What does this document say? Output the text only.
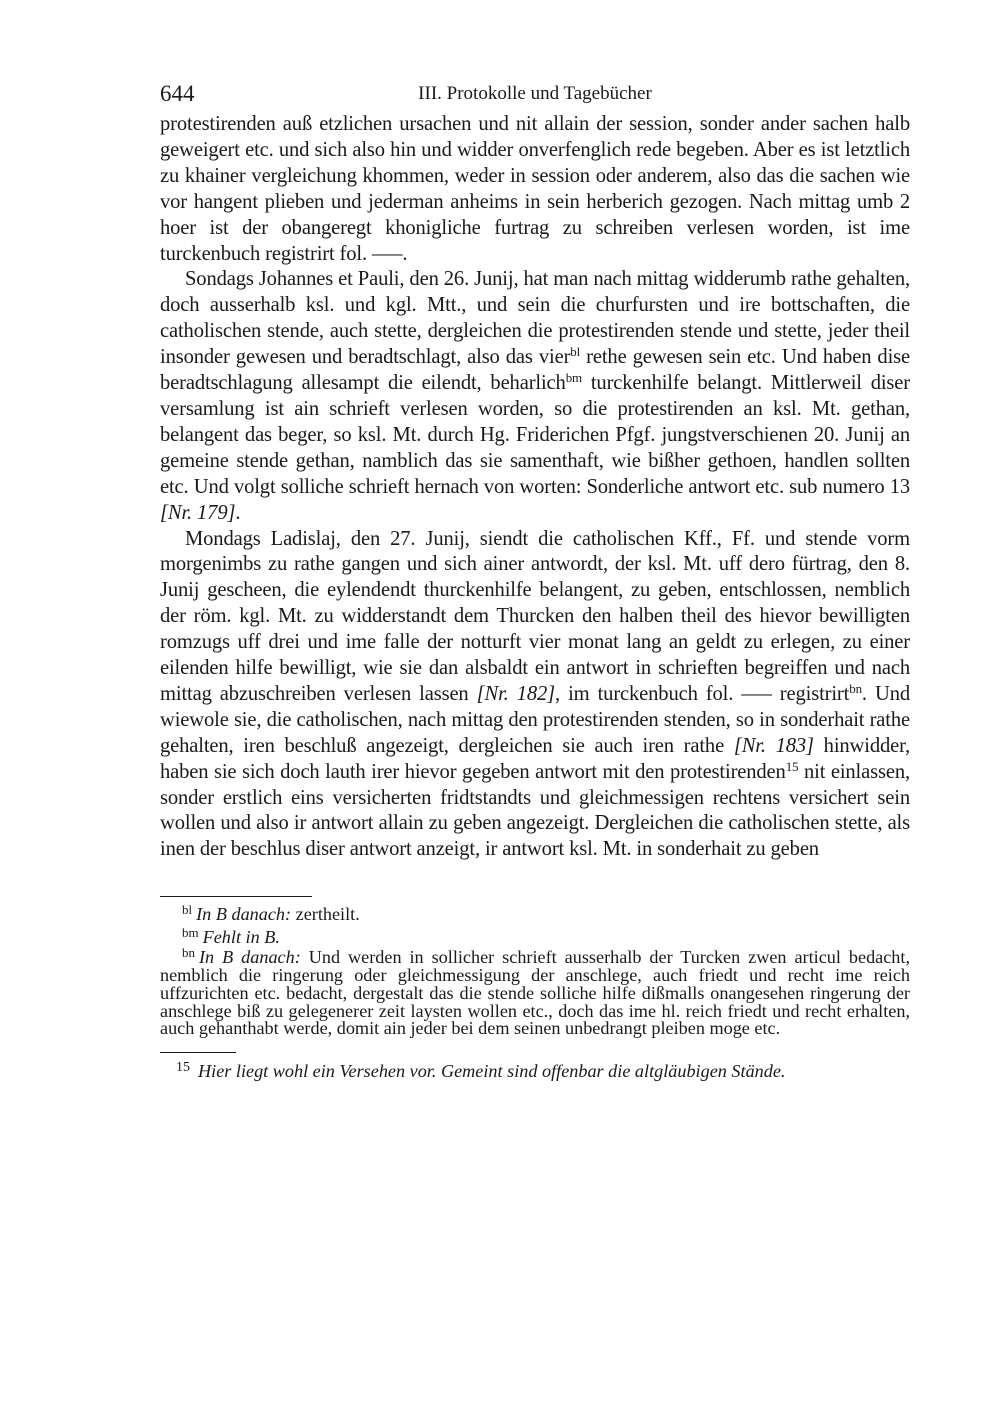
644	III. Protokolle und Tagebücher

protestirenden auß etzlichen ursachen und nit allain der session, sonder ander sachen halb geweigert etc. und sich also hin und widder onverfenglich rede begeben. Aber es ist letztlich zu khainer vergleichung khommen, weder in session oder anderem, also das die sachen wie vor hangent plieben und jederman anheims in sein herberich gezogen. Nach mittag umb 2 hoer ist der obangeregt khonigliche furtrag zu schreiben verlesen worden, ist ime turckenbuch registrirt fol. –––.

Sondags Johannes et Pauli, den 26. Junij, hat man nach mittag widderumb rathe gehalten, doch ausserhalb ksl. und kgl. Mtt., und sein die churfursten und ire bottschaften, die catholischen stende, auch stette, dergleichen die protestirenden stende und stette, jeder theil insonder gewesen und beradtschlagt, also das vier$^{bl}$ rethe gewesen sein etc. Und haben dise beradtschlagung allesampt die eilendt, beharlich$^{bm}$ turckenhilfe belangt. Mittlerweil diser versamlung ist ain schrieft verlesen worden, so die protestirenden an ksl. Mt. gethan, belangent das beger, so ksl. Mt. durch Hg. Friderichen Pfgf. jungstverschienen 20. Junij an gemeine stende gethan, namblich das sie samenthaft, wie bißher gethoen, handlen sollten etc. Und volgt solliche schrieft hernach von worten: Sonderliche antwort etc. sub numero 13 [Nr. 179].

Mondags Ladislaj, den 27. Junij, siendt die catholischen Kff., Ff. und stende vorm morgenimbs zu rathe gangen und sich ainer antwordt, der ksl. Mt. uff dero fürtrag, den 8. Junij gescheen, die eylendendt thurckenhilfe belangent, zu geben, entschlossen, nemblich der röm. kgl. Mt. zu widderstandt dem Thurcken den halben theil des hievor bewilligten romzugs uff drei und ime falle der notturft vier monat lang an geldt zu erlegen, zu einer eilenden hilfe bewilligt, wie sie dan alsbaldt ein antwort in schrieften begreiffen und nach mittag abzuschreiben verlesen lassen [Nr. 182], im turckenbuch fol. ––– registrirt$^{bn}$. Und wiewole sie, die catholischen, nach mittag den protestirenden stenden, so in sonderhait rathe gehalten, iren beschluß angezeigt, dergleichen sie auch iren rathe [Nr. 183] hinwidder, haben sie sich doch lauth irer hievor gegeben antwort mit den protestirenden$^{15}$ nit einlassen, sonder erstlich eins versicherten fridtstandts und gleichmessigen rechtens versichert sein wollen und also ir antwort allain zu geben angezeigt. Dergleichen die catholischen stette, als inen der beschlus diser antwort anzeigt, ir antwort ksl. Mt. in sonderhait zu geben

$^{bl}$ In B danach: zertheilt.
$^{bm}$ Fehlt in B.
$^{bn}$ In B danach: Und werden in sollicher schrieft ausserhalb der Turcken zwen articul bedacht, nemblich die ringerung oder gleichmessigung der anschlege, auch friedt und recht ime reich uffzurichten etc. bedacht, dergestalt das die stende solliche hilfe dißmalls onangesehen ringerung der anschlege biß zu gelegenerer zeit laysten wollen etc., doch das ime hl. reich friedt und recht erhalten, auch gehanthabt werde, domit ain jeder bei dem seinen unbedrangt pleiben moge etc.
$^{15}$ Hier liegt wohl ein Versehen vor. Gemeint sind offenbar die altgläubigen Stände.
